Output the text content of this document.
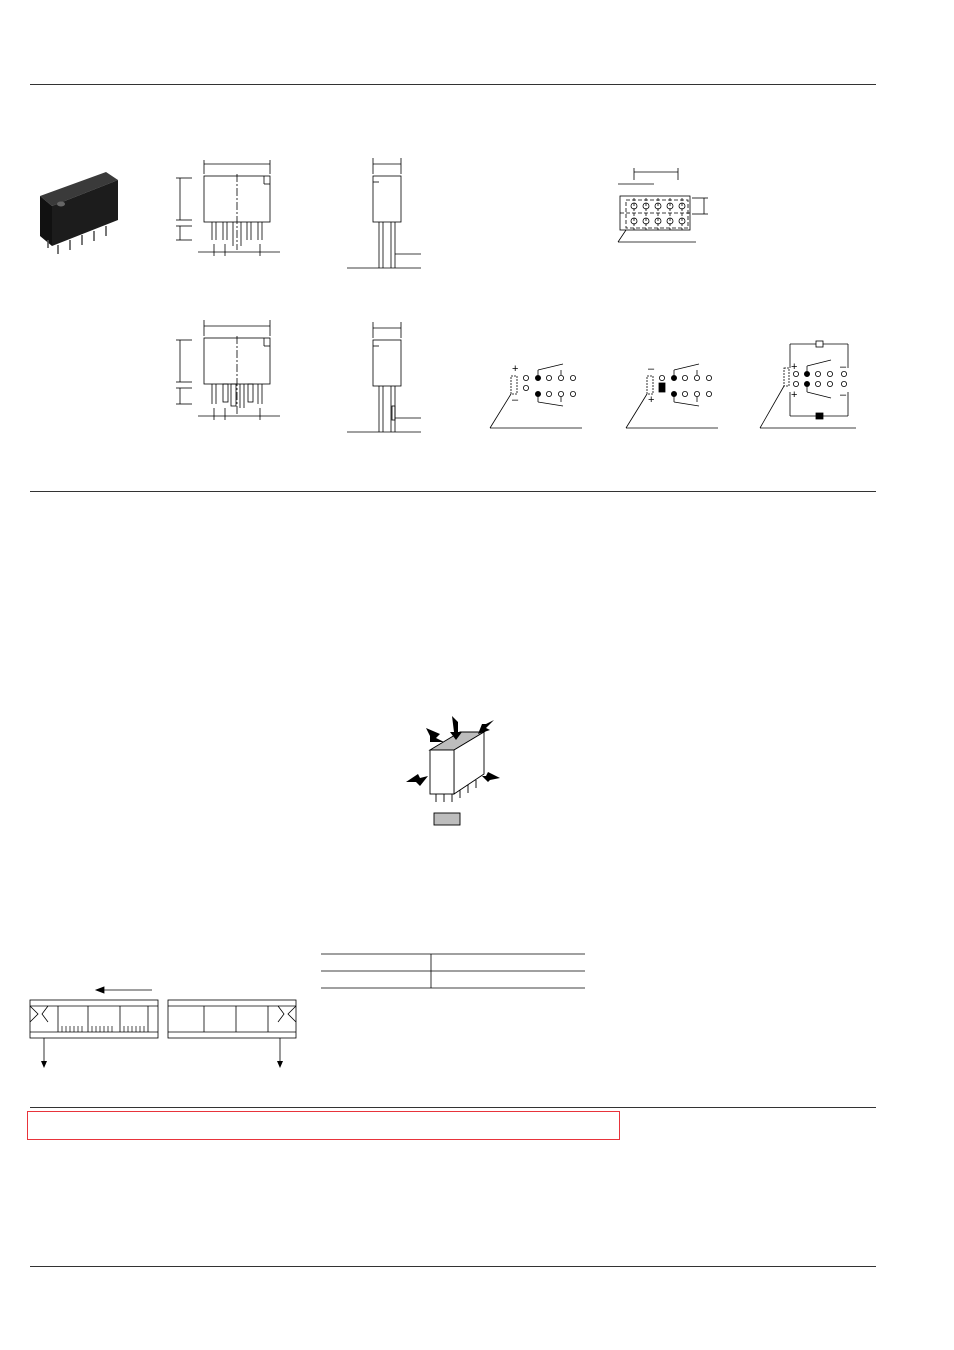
+
–
–
+
+	–
+	–
